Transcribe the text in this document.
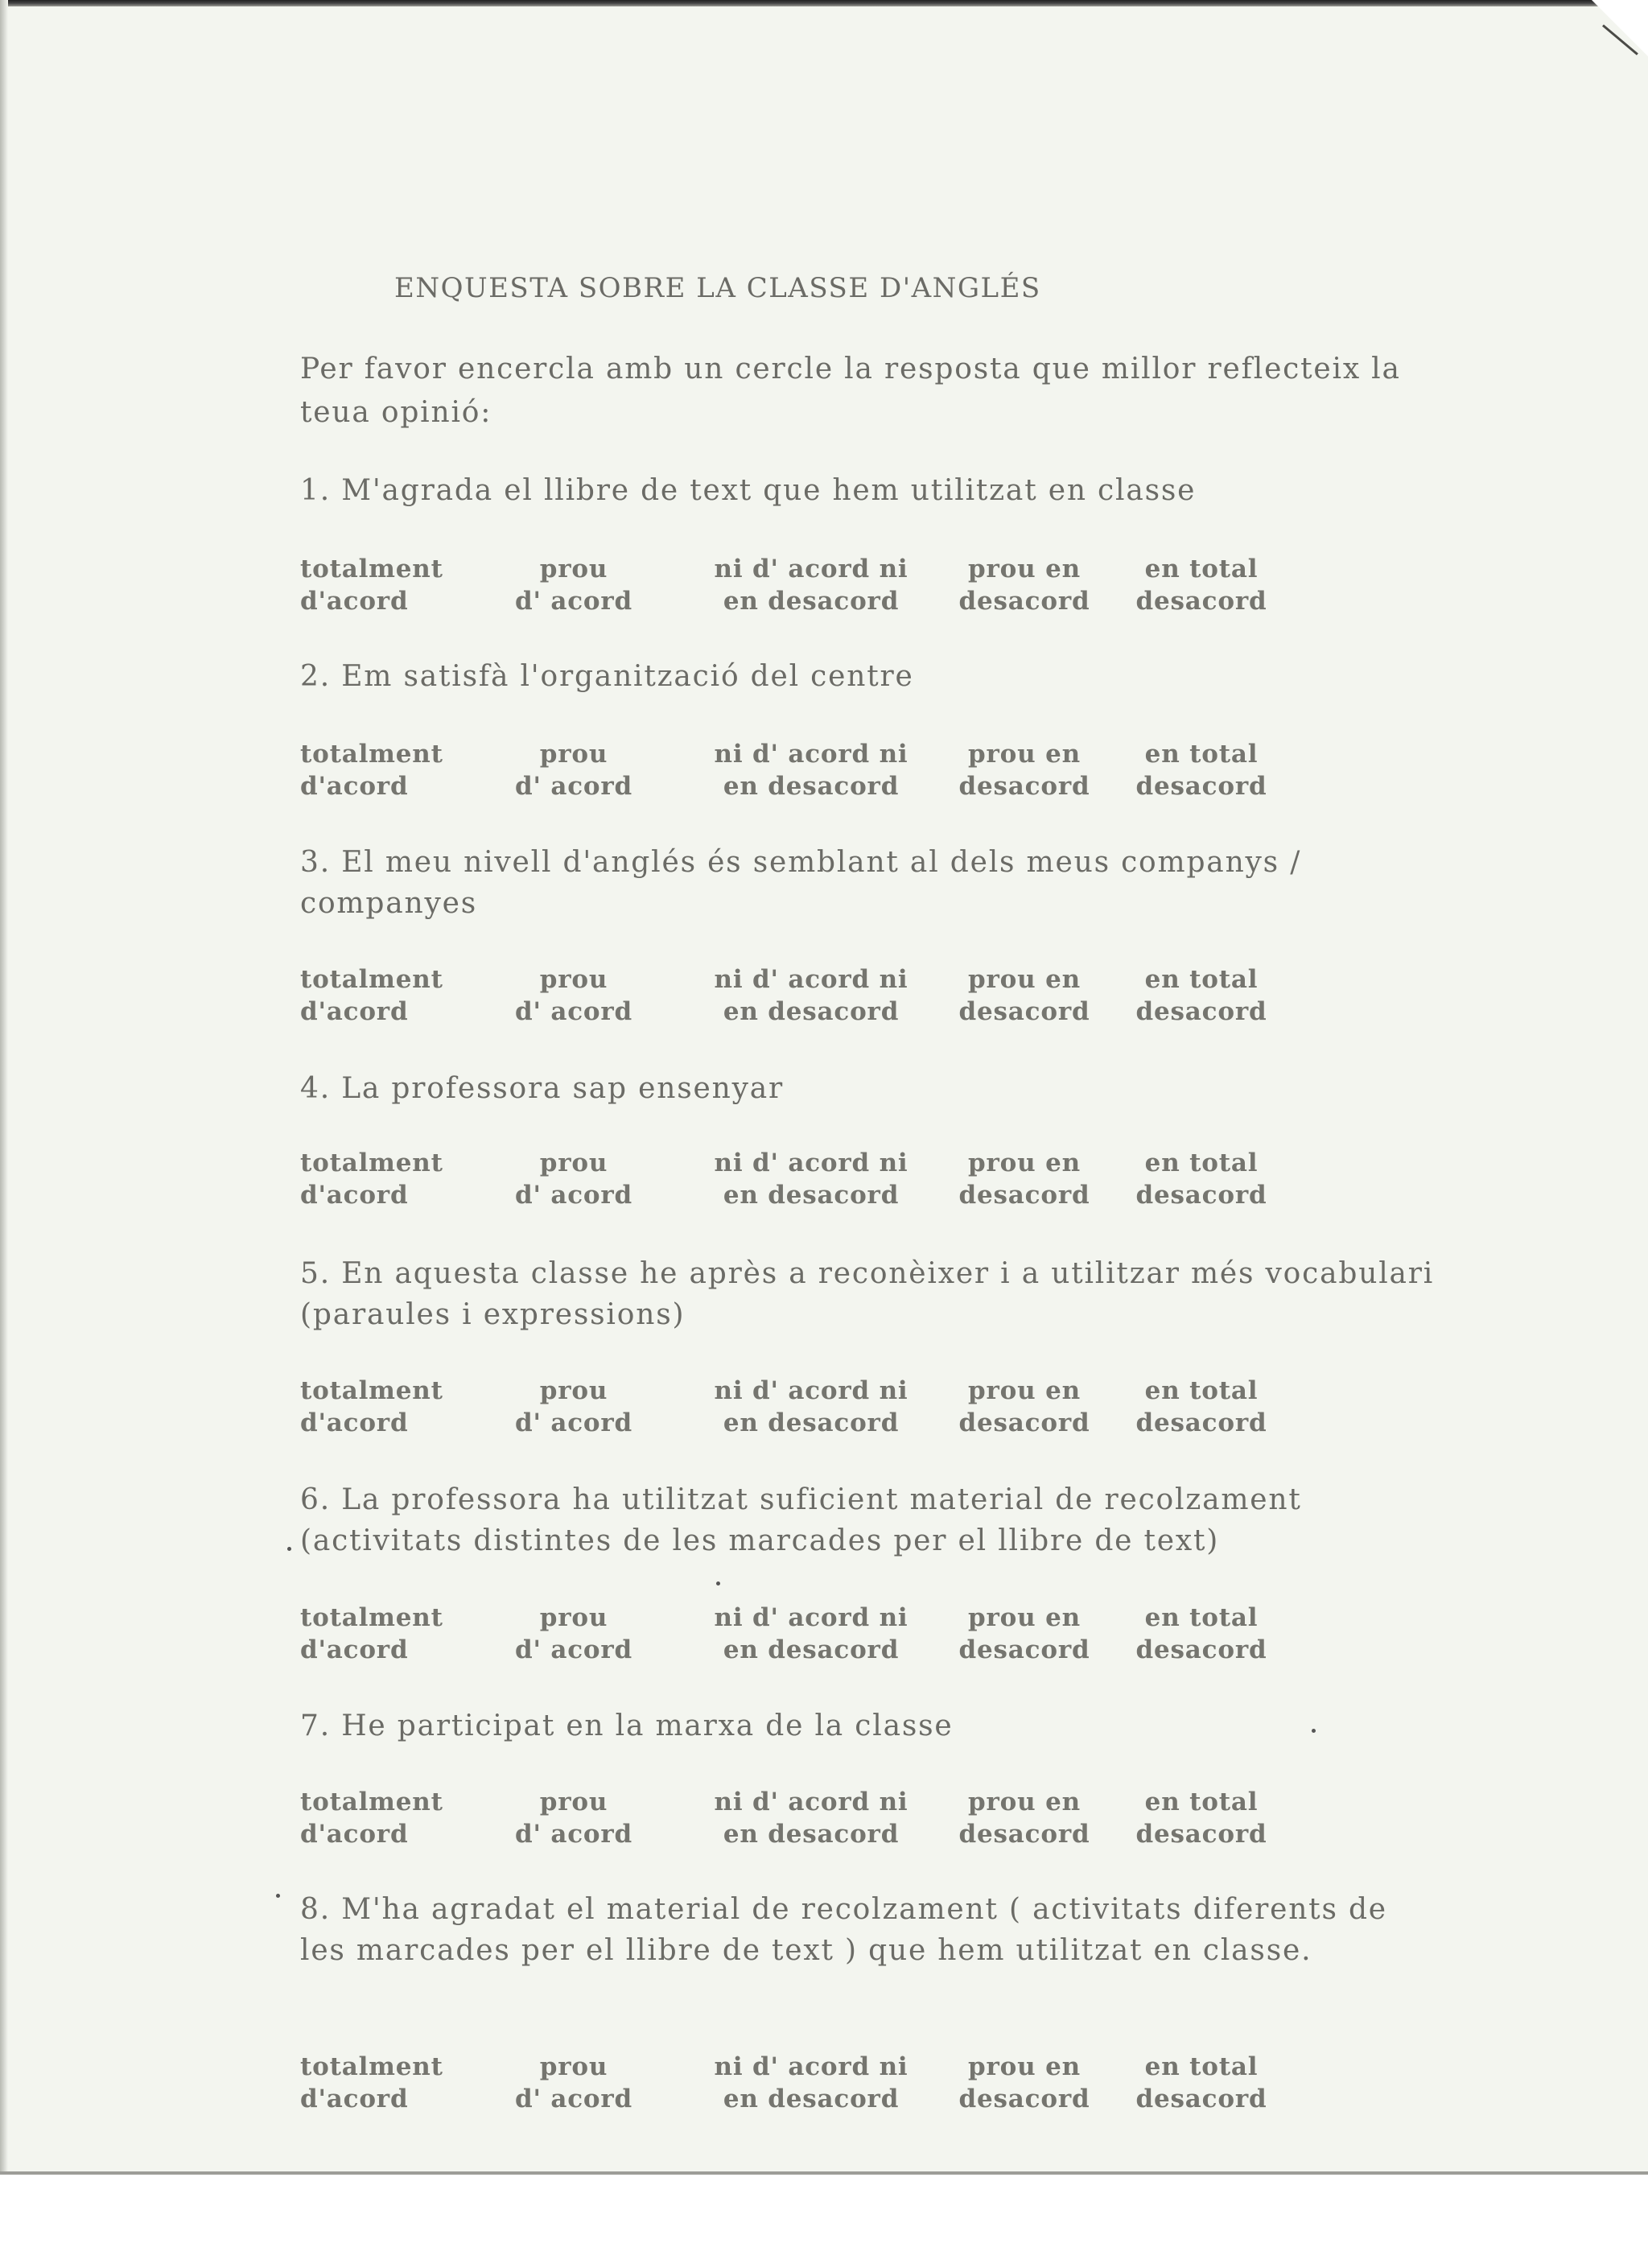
ENQUESTA SOBRE LA CLASSE D'ANGLÉS
Per favor encercla amb un cercle la resposta que millor reflecteix la teua opinió:
1. M'agrada el llibre de text que hem utilitzat en classe
totalment
d'acord
prou
d' acord
ni d' acord ni
en desacord
prou en
desacord
en total
desacord
2. Em satisfà l'organització del centre
totalment
d'acord
prou
d' acord
ni d' acord ni
en desacord
prou en
desacord
en total
desacord
3. El meu nivell d'anglés és semblant al dels meus companys / companyes
totalment
d'acord
prou
d' acord
ni d' acord ni
en desacord
prou en
desacord
en total
desacord
4. La professora sap ensenyar
totalment
d'acord
prou
d' acord
ni d' acord ni
en desacord
prou en
desacord
en total
desacord
5. En aquesta classe he après a reconèixer i a utilitzar més vocabulari (paraules i expressions)
totalment
d'acord
prou
d' acord
ni d' acord ni
en desacord
prou en
desacord
en total
desacord
6. La professora ha utilitzat suficient material de recolzament (activitats distintes de les marcades per el llibre de text)
totalment
d'acord
prou
d' acord
ni d' acord ni
en desacord
prou en
desacord
en total
desacord
7. He participat en la marxa de la classe
totalment
d'acord
prou
d' acord
ni d' acord ni
en desacord
prou en
desacord
en total
desacord
8. M'ha agradat el material de recolzament ( activitats diferents de les marcades per el llibre de text ) que hem utilitzat en classe.
totalment
d'acord
prou
d' acord
ni d' acord ni
en desacord
prou en
desacord
en total
desacord
